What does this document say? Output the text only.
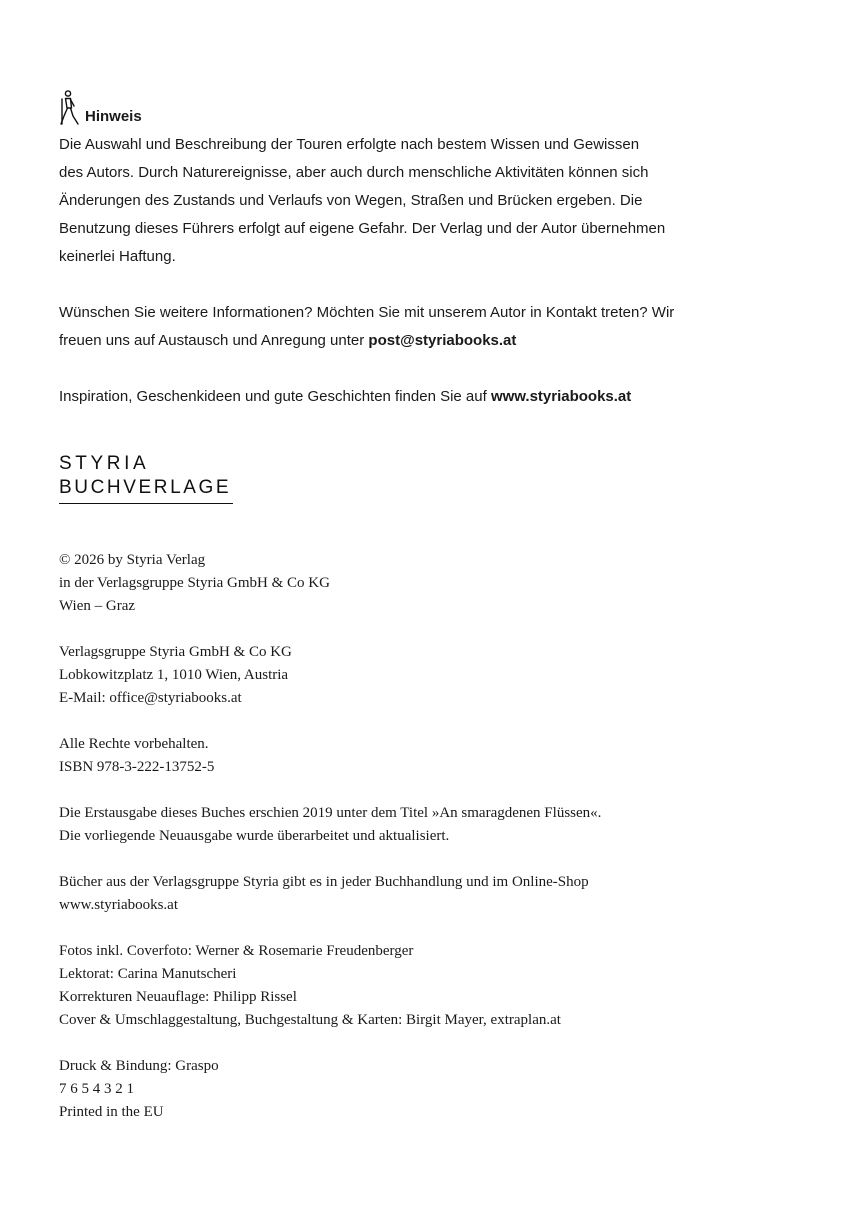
Hinweis
Die Auswahl und Beschreibung der Touren erfolgte nach bestem Wissen und Gewissen
des Autors. Durch Naturereignisse, aber auch durch menschliche Aktivitäten können sich
Änderungen des Zustands und Verlaufs von Wegen, Straßen und Brücken ergeben. Die
Benutzung dieses Führers erfolgt auf eigene Gefahr. Der Verlag und der Autor übernehmen
keinerlei Haftung.
Wünschen Sie weitere Informationen? Möchten Sie mit unserem Autor in Kontakt treten? Wir
freuen uns auf Austausch und Anregung unter post@styriabooks.at
Inspiration, Geschenkideen und gute Geschichten finden Sie auf www.styriabooks.at
STYRIA
BUCHVERLAGE
© 2026 by Styria Verlag
in der Verlagsgruppe Styria GmbH & Co KG
Wien – Graz
Verlagsgruppe Styria GmbH & Co KG
Lobkowitzplatz 1, 1010 Wien, Austria
E-Mail: office@styriabooks.at
Alle Rechte vorbehalten.
ISBN 978-3-222-13752-5
Die Erstausgabe dieses Buches erschien 2019 unter dem Titel »An smaragdenen Flüssen«.
Die vorliegende Neuausgabe wurde überarbeitet und aktualisiert.
Bücher aus der Verlagsgruppe Styria gibt es in jeder Buchhandlung und im Online-Shop
www.styriabooks.at
Fotos inkl. Coverfoto: Werner & Rosemarie Freudenberger
Lektorat: Carina Manutscheri
Korrekturen Neuauflage: Philipp Rissel
Cover & Umschlaggestaltung, Buchgestaltung & Karten: Birgit Mayer, extraplan.at
Druck & Bindung: Graspo
7 6 5 4 3 2 1
Printed in the EU
